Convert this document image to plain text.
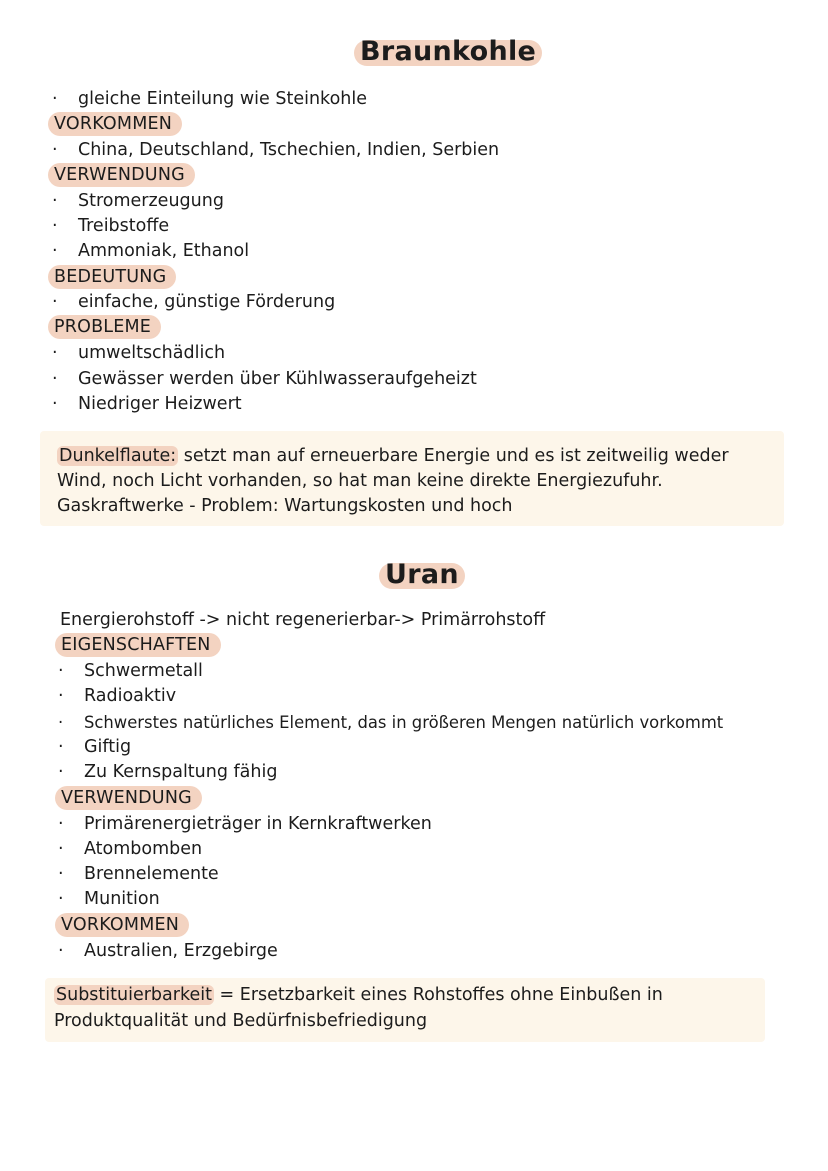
Braunkohle
· gleiche Einteilung wie Steinkohle
VORKOMMEN
· China, Deutschland, Tschechien, Indien, Serbien
VERWENDUNG
· Stromerzeugung
· Treibstoffe
· Ammoniak, Ethanol
BEDEUTUNG
· einfache, günstige Förderung
PROBLEME
· umweltschädlich
· Gewässer werden über Kühlwasseraufgeheizt
· Niedriger Heizwert
Dunkelflaute: setzt man auf erneuerbare Energie und es ist zeitweilig weder
Wind, noch Licht vorhanden, so hat man keine direkte Energiezufuhr.
Gaskraftwerke - Problem: Wartungskosten und hoch
Uran
Energierohstoff -> nicht regenerierbar-> Primärrohstoff
EIGENSCHAFTEN
· Schwermetall
· Radioaktiv
· Schwerstes natürliches Element, das in größeren Mengen natürlich vorkommt
· Giftig
· Zu Kernspaltung fähig
VERWENDUNG
· Primärenergieträger in Kernkraftwerken
· Atombomben
· Brennelemente
· Munition
VORKOMMEN
· Australien, Erzgebirge
Substituierbarkeit = Ersetzbarkeit eines Rohstoffes ohne Einbußen in
Produktqualität und Bedürfnisbefriedigung
